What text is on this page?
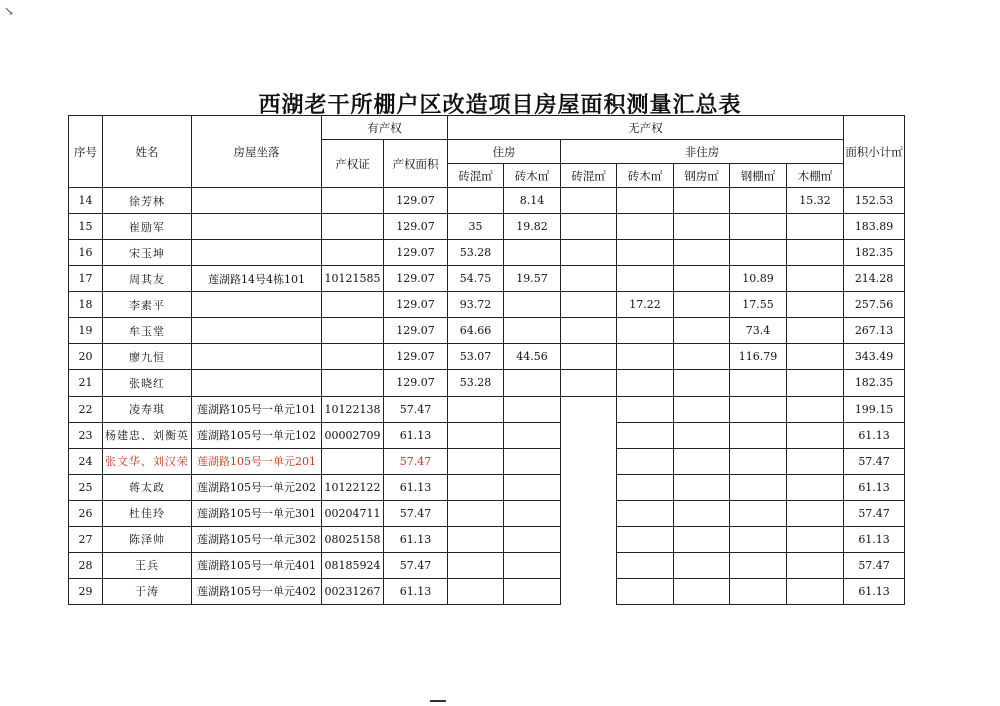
↘
西湖老干所棚户区改造项目房屋面积测量汇总表
序号	姓名	房屋坐落	有产权		无产权							面积小计㎡
			产权证	产权面积	住房		非住房					
					砖混㎡	砖木㎡	砖混㎡	砖木㎡	钢房㎡	钢棚㎡	木棚㎡	
14	徐芳林			129.07		8.14					15.32	152.53
15	崔励军			129.07	35	19.82						183.89
16	宋玉坤			129.07	53.28							182.35
17	周其友	莲湖路14号4栋101	10121585	129.07	54.75	19.57				10.89		214.28
18	李素平			129.07	93.72			17.22		17.55		257.56
19	牟玉堂			129.07	64.66					73.4		267.13
20	廖九恒			129.07	53.07	44.56				116.79		343.49
21	张晓红			129.07	53.28							182.35
22	凌寿琪	莲湖路105号一单元101	10122138	57.47								199.15
23	杨建忠、刘衡英	莲湖路105号一单元102	00002709	61.13								61.13
24	张文华、刘汉荣	莲湖路105号一单元201		57.47								57.47
25	蒋太政	莲湖路105号一单元202	10122122	61.13								61.13
26	杜佳玲	莲湖路105号一单元301	00204711	57.47								57.47
27	陈泽帅	莲湖路105号一单元302	08025158	61.13								61.13
28	王兵	莲湖路105号一单元401	08185924	57.47								57.47
29	于涛	莲湖路105号一单元402	00231267	61.13								61.13
